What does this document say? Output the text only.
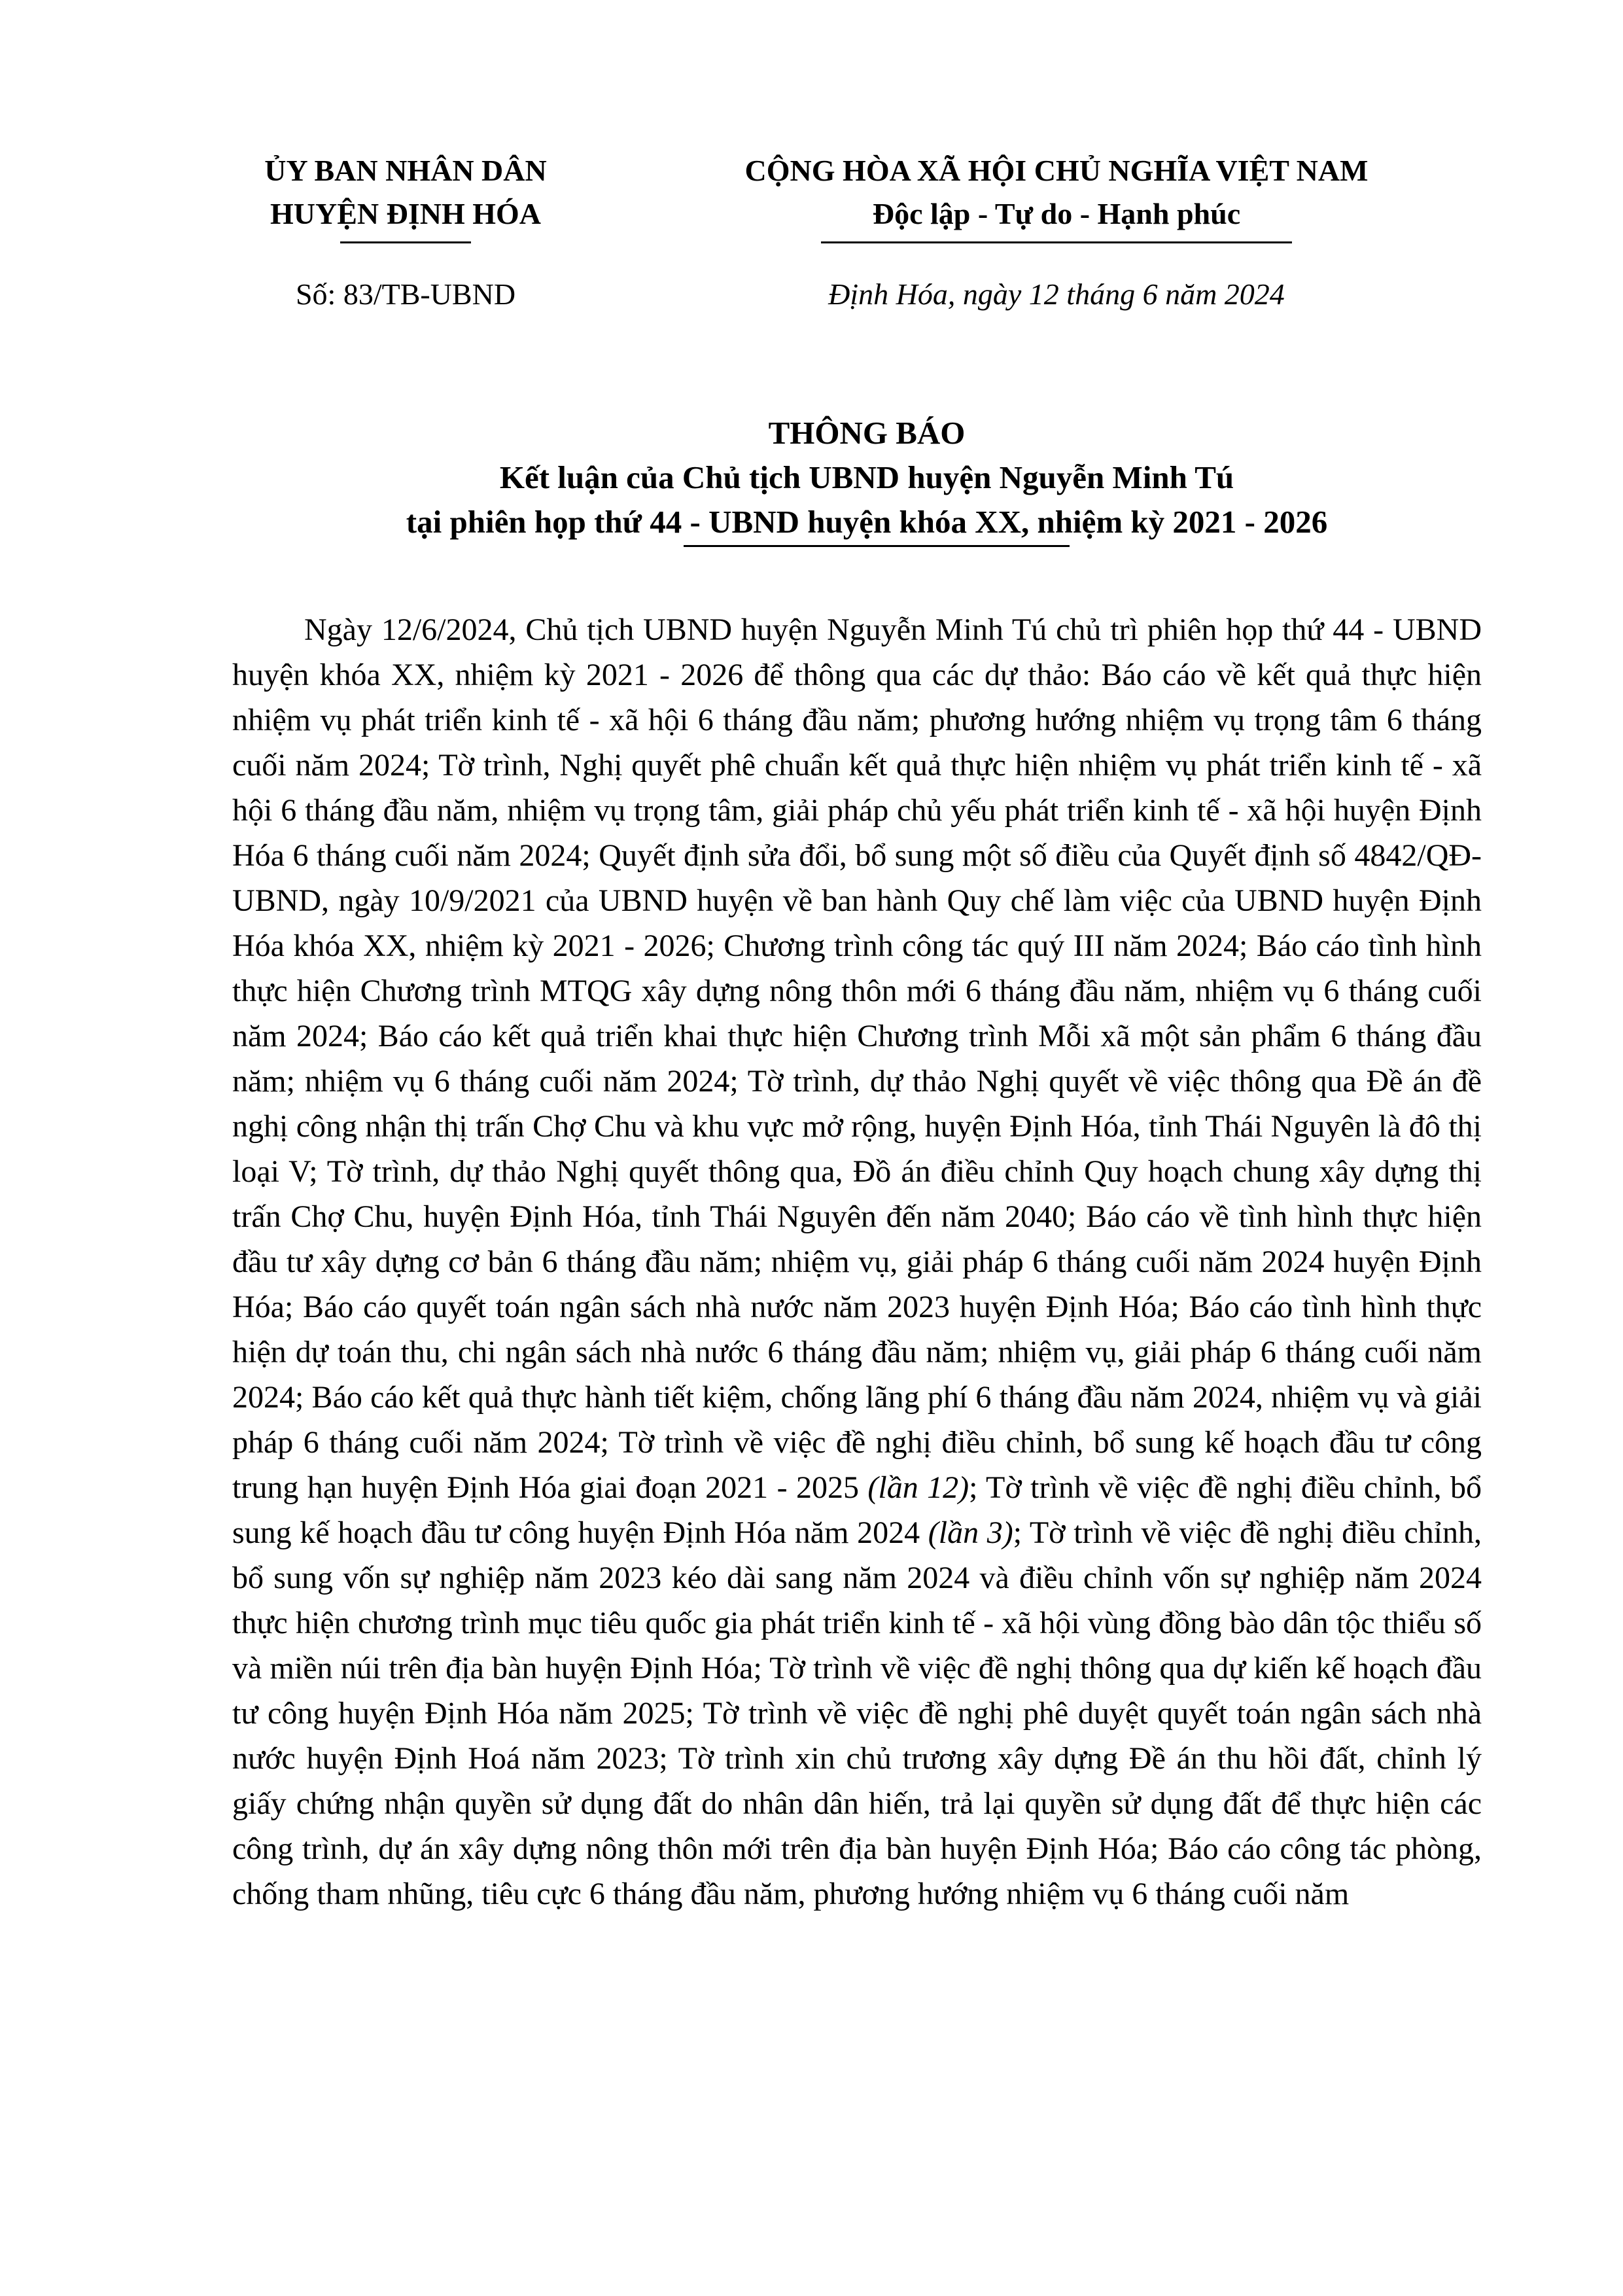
ỦY BAN NHÂN DÂN
HUYỆN ĐỊNH HÓA
CỘNG HÒA XÃ HỘI CHỦ NGHĨA VIỆT NAM
Độc lập - Tự do - Hạnh phúc
Số: 83/TB-UBND	Định Hóa, ngày 12 tháng 6 năm 2024
THÔNG BÁO
Kết luận của Chủ tịch UBND huyện Nguyễn Minh Tú
tại phiên họp thứ 44 - UBND huyện khóa XX, nhiệm kỳ 2021 - 2026
Ngày 12/6/2024, Chủ tịch UBND huyện Nguyễn Minh Tú chủ trì phiên họp thứ 44 - UBND huyện khóa XX, nhiệm kỳ 2021 - 2026 để thông qua các dự thảo: Báo cáo về kết quả thực hiện nhiệm vụ phát triển kinh tế - xã hội 6 tháng đầu năm; phương hướng nhiệm vụ trọng tâm 6 tháng cuối năm 2024; Tờ trình, Nghị quyết phê chuẩn kết quả thực hiện nhiệm vụ phát triển kinh tế - xã hội 6 tháng đầu năm, nhiệm vụ trọng tâm, giải pháp chủ yếu phát triển kinh tế - xã hội huyện Định Hóa 6 tháng cuối năm 2024; Quyết định sửa đổi, bổ sung một số điều của Quyết định số 4842/QĐ-UBND, ngày 10/9/2021 của UBND huyện về ban hành Quy chế làm việc của UBND huyện Định Hóa khóa XX, nhiệm kỳ 2021 - 2026; Chương trình công tác quý III năm 2024; Báo cáo tình hình thực hiện Chương trình MTQG xây dựng nông thôn mới 6 tháng đầu năm, nhiệm vụ 6 tháng cuối năm 2024; Báo cáo kết quả triển khai thực hiện Chương trình Mỗi xã một sản phẩm 6 tháng đầu năm; nhiệm vụ 6 tháng cuối năm 2024; Tờ trình, dự thảo Nghị quyết về việc thông qua Đề án đề nghị công nhận thị trấn Chợ Chu và khu vực mở rộng, huyện Định Hóa, tỉnh Thái Nguyên là đô thị loại V; Tờ trình, dự thảo Nghị quyết thông qua, Đồ án điều chỉnh Quy hoạch chung xây dựng thị trấn Chợ Chu, huyện Định Hóa, tỉnh Thái Nguyên đến năm 2040; Báo cáo về tình hình thực hiện đầu tư xây dựng cơ bản 6 tháng đầu năm; nhiệm vụ, giải pháp 6 tháng cuối năm 2024 huyện Định Hóa; Báo cáo quyết toán ngân sách nhà nước năm 2023 huyện Định Hóa; Báo cáo tình hình thực hiện dự toán thu, chi ngân sách nhà nước 6 tháng đầu năm; nhiệm vụ, giải pháp 6 tháng cuối năm 2024; Báo cáo kết quả thực hành tiết kiệm, chống lãng phí 6 tháng đầu năm 2024, nhiệm vụ và giải pháp 6 tháng cuối năm 2024; Tờ trình về việc đề nghị điều chỉnh, bổ sung kế hoạch đầu tư công trung hạn huyện Định Hóa giai đoạn 2021 - 2025 (lần 12); Tờ trình về việc đề nghị điều chỉnh, bổ sung kế hoạch đầu tư công huyện Định Hóa năm 2024 (lần 3); Tờ trình về việc đề nghị điều chỉnh, bổ sung vốn sự nghiệp năm 2023 kéo dài sang năm 2024 và điều chỉnh vốn sự nghiệp năm 2024 thực hiện chương trình mục tiêu quốc gia phát triển kinh tế - xã hội vùng đồng bào dân tộc thiểu số và miền núi trên địa bàn huyện Định Hóa; Tờ trình về việc đề nghị thông qua dự kiến kế hoạch đầu tư công huyện Định Hóa năm 2025; Tờ trình về việc đề nghị phê duyệt quyết toán ngân sách nhà nước huyện Định Hoá năm 2023; Tờ trình xin chủ trương xây dựng Đề án thu hồi đất, chỉnh lý giấy chứng nhận quyền sử dụng đất do nhân dân hiến, trả lại quyền sử dụng đất để thực hiện các công trình, dự án xây dựng nông thôn mới trên địa bàn huyện Định Hóa; Báo cáo công tác phòng, chống tham nhũng, tiêu cực 6 tháng đầu năm, phương hướng nhiệm vụ 6 tháng cuối năm
